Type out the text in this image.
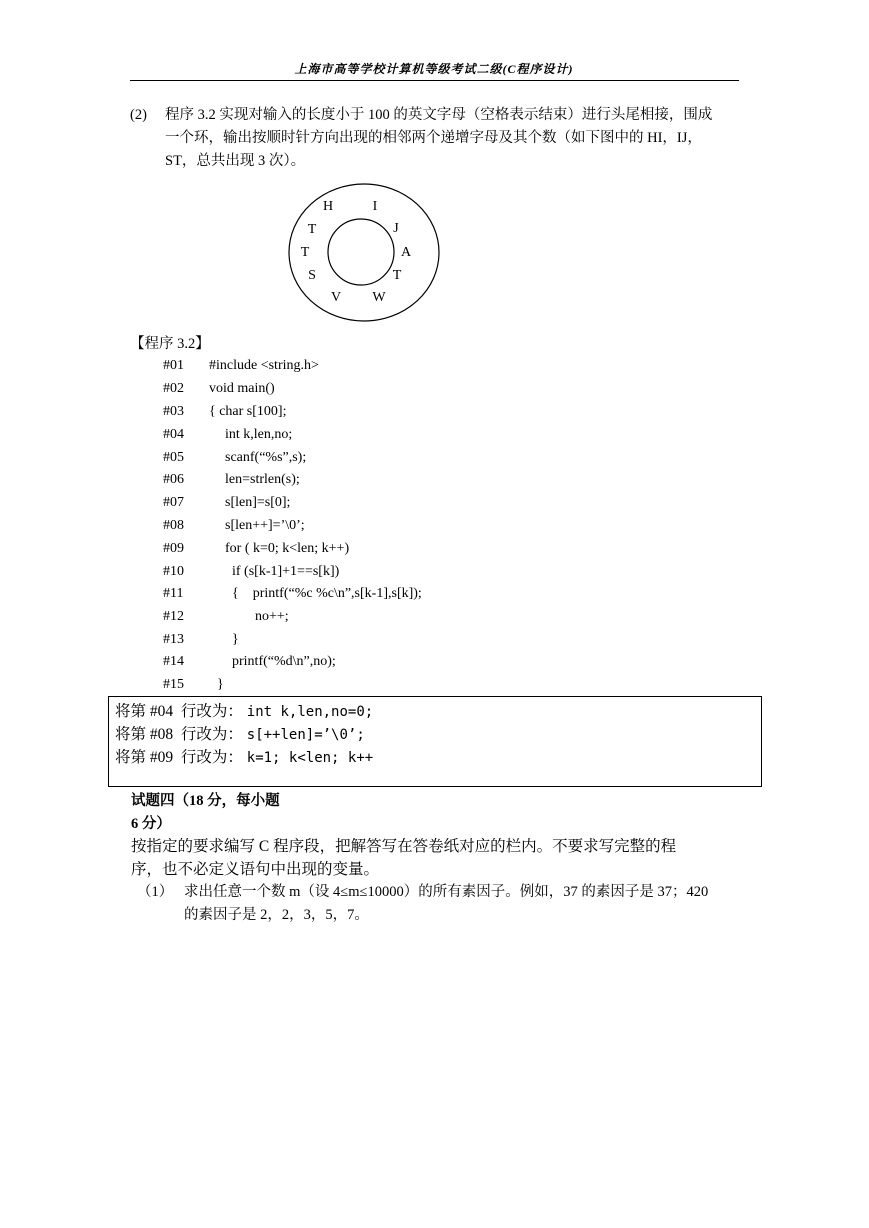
上海市高等学校计算机等级考试二级(C程序设计)
(2) 程序 3.2 实现对输入的长度小于 100 的英文字母（空格表示结束）进行头尾相接，围成
一个环，输出按顺时针方向出现的相邻两个递增字母及其个数（如下图中的 HI，IJ，
ST，总共出现 3 次）。
H	I
J
A
T
W
V
S
T
T
【程序 3.2】

#01

#include <string.h>

#02

void main()

#03

{ char s[100];

#04

	int k,len,no;

#05

	scanf(“%s”,s);

#06

	len=strlen(s);

#07

	s[len]=s[0];

#08

	s[len++]=’\0’;

#09

	for ( k=0; k<len; k++)

#10

	if (s[k-1]+1==s[k])

#11

	{    printf(“%c %c\n”,s[k-1],s[k]);

#12

	no++;

#13

	}

#14

	printf(“%d\n”,no);

#15

}

将第 #04  行改为： int k,len,no=0;
将第 #08  行改为： s[++len]=’\0’;
将第 #09  行改为： k=1; k<len; k++
试题四（18 分，每小题
6 分）
按指定的要求编写 C 程序段，把解答写在答卷纸对应的栏内。不要求写完整的程
序，也不必定义语句中出现的变量。
（1） 求出任意一个数 m（设 4≤m≤10000）的所有素因子。例如，37 的素因子是 37；420
的素因子是 2，2，3，5，7。
